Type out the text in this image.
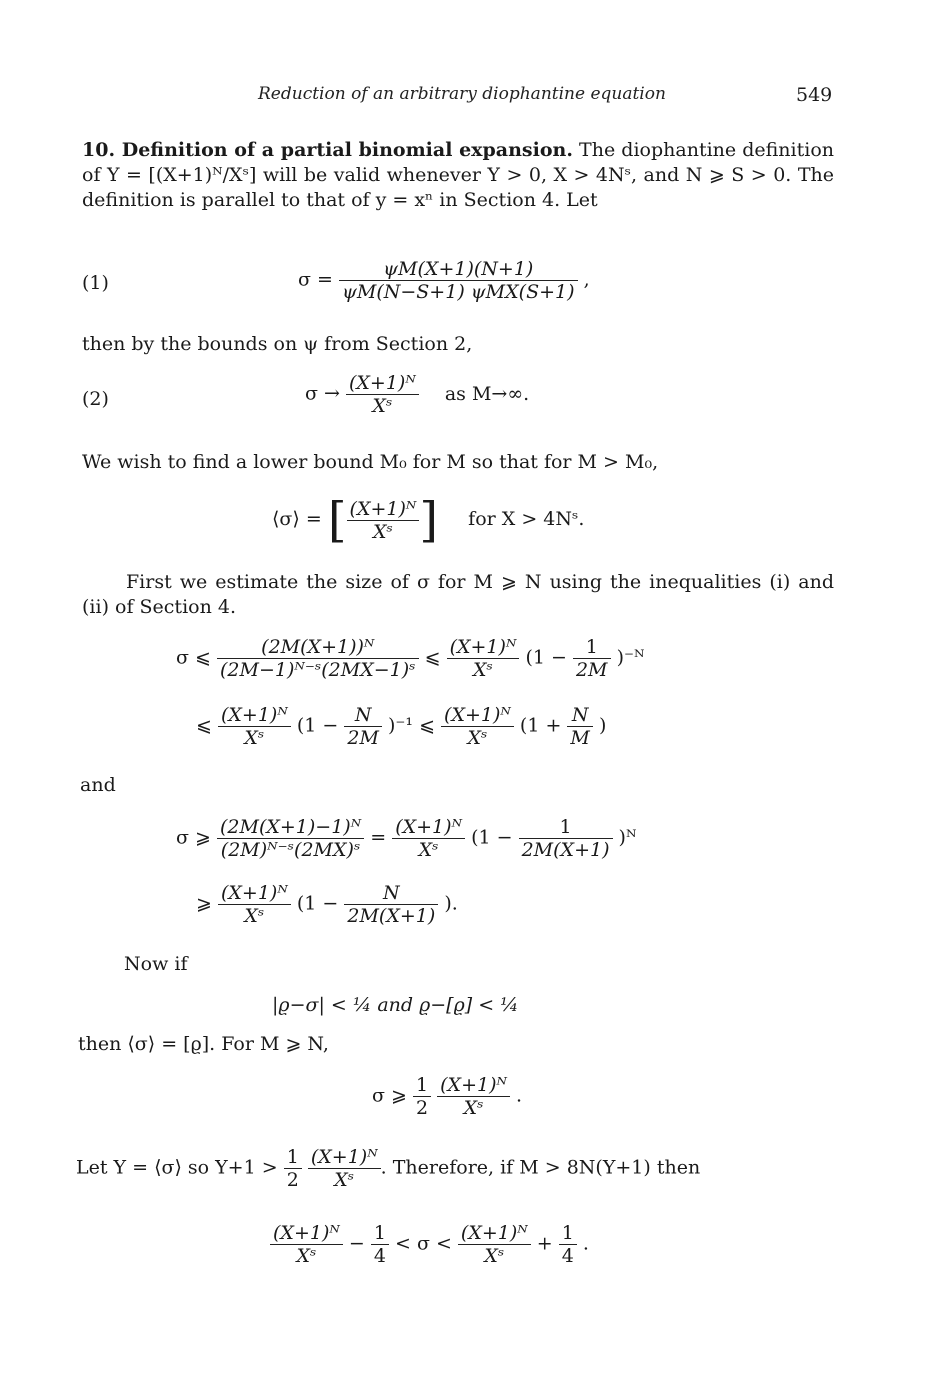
Reduction of an arbitrary diophantine equation	549
10. Definition of a partial binomial expansion. The diophantine definition of Y = [(X+1)ᴺ/Xˢ] will be valid whenever Y > 0, X > 4Nˢ, and N ⩾ S > 0. The definition is parallel to that of y = xⁿ in Section 4. Let
(1)	$\sigma = \frac{\psi M(X+1)(N+1)}{\text{ψM(N−S+1) ψMX(S+1)}}$ ,
then by the bounds on ψ from Section 2,
(2)	$\sigma \to \frac{\text{(X+1)ᴺ}}{\text{Xˢ}}$ as M→∞.
We wish to find a lower bound M₀ for M so that for M > M₀,
⟨σ⟩ = [ $\frac{\text{(X+1)ᴺ}}{\text{Xˢ}}$ ] for X > 4Nˢ.
First we estimate the size of σ for M ⩾ N using the inequalities (i) and (ii) of Section 4.
σ ⩽ $\frac{\text{(2M(X+1))ᴺ}}{\text{(2M−1)ᴺ⁻ˢ(2MX−1)ˢ}}$ ⩽ $\frac{\text{(X+1)ᴺ}}{\text{Xˢ}} (1 - \frac{1}{2M}$ )⁻ᴺ
⩽ $\frac{\text{(X+1)ᴺ}}{\text{Xˢ}} (1 - \frac{N}{2M} )^{-1}$ ⩽ $\frac{\text{(X+1)ᴺ}}{\text{Xˢ}} (1 + \frac{N}{M}$ )
and
σ ⩾ $\frac{\text{(2M(X+1)−1)ᴺ}}{\text{(2M)ᴺ⁻ˢ(2MX)ˢ}} = \frac{\text{(X+1)ᴺ}}{\text{Xˢ}} (1 - \frac{1}{2M(X+1)}$ )ᴺ
⩾ $\frac{\text{(X+1)ᴺ}}{\text{Xˢ}} (1 - \frac{N}{2M(X+1)}$ ).
Now if
|ϱ−σ| < ¼ and ϱ−[ϱ] < ¼
then ⟨σ⟩ = [ϱ]. For M ⩾ N,
σ ⩾ $\frac{1}{2}$
$\frac{\text{(X+1)ᴺ}}{\text{Xˢ}}$ .
Let Y = ⟨σ⟩ so $Y+1 > \frac{1}{2}$
$\frac{\text{(X+1)ᴺ}}{\text{Xˢ}}$ . Therefore, if M > 8N(Y+1) then
$\frac{\text{(X+1)ᴺ}}{\text{Xˢ}} - \frac{1}{4} < \sigma < \frac{\text{(X+1)ᴺ}}{\text{Xˢ}} + \frac{1}{4}$ .
